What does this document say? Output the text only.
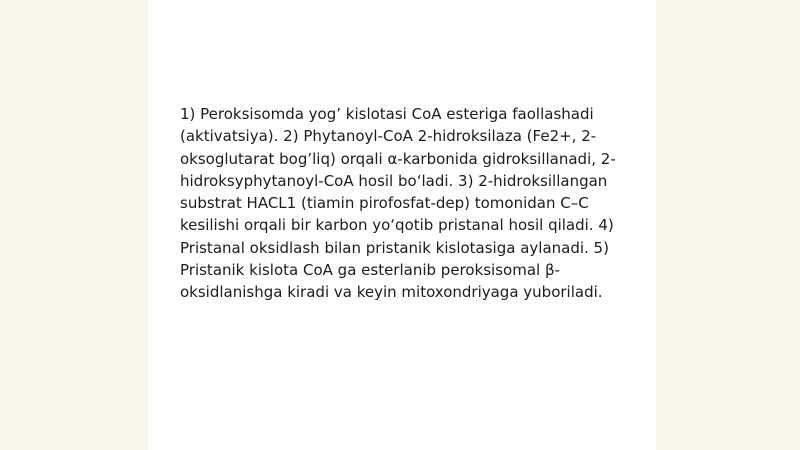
1) Peroksisomda yog’ kislotasi CoA esteriga faollashadi (aktivatsiya). 2) Phytanoyl-CoA 2-hidroksilaza (Fe2+, 2-oksoglutarat bog’liq) orqali α-karbonida gidroksillanadi, 2-hidroksyphytanoyl-CoA hosil bo‘ladi. 3) 2-hidroksillangan substrat HACL1 (tiamin pirofosfat-dep) tomonidan C–C kesilishi orqali bir karbon yo‘qotib pristanal hosil qiladi. 4) Pristanal oksidlash bilan pristanik kislotasiga aylanadi. 5) Pristanik kislota CoA ga esterlanib peroksisomal β-oksidlanishga kiradi va keyin mitoxondriyaga yuboriladi.
